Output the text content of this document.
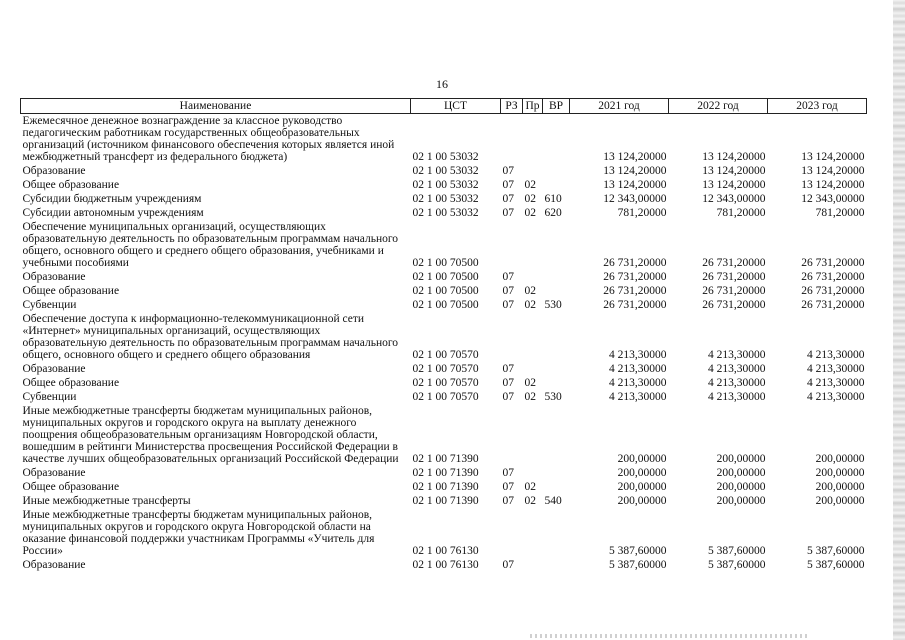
16
Наименование	ЦСТ	РЗ	Пр	ВР	2021 год	2022 год	2023 год
Ежемесячное денежное вознаграждение за классное руководство педагогическим работникам государственных общеобразовательных организаций (источником финансового обеспечения которых является иной межбюджетный трансферт из федерального бюджета)	02 1 00 53032				13 124,20000	13 124,20000	13 124,20000
Образование	02 1 00 53032	07			13 124,20000	13 124,20000	13 124,20000
Общее образование	02 1 00 53032	07	02		13 124,20000	13 124,20000	13 124,20000
Субсидии бюджетным учреждениям	02 1 00 53032	07	02	610	12 343,00000	12 343,00000	12 343,00000
Субсидии автономным учреждениям	02 1 00 53032	07	02	620	781,20000	781,20000	781,20000
Обеспечение муниципальных организаций, осуществляющих образовательную деятельность по образовательным программам начального общего, основного общего и среднего общего образования, учебниками и учебными пособиями	02 1 00 70500				26 731,20000	26 731,20000	26 731,20000
Образование	02 1 00 70500	07			26 731,20000	26 731,20000	26 731,20000
Общее образование	02 1 00 70500	07	02		26 731,20000	26 731,20000	26 731,20000
Субвенции	02 1 00 70500	07	02	530	26 731,20000	26 731,20000	26 731,20000
Обеспечение доступа к информационно-телекоммуникационной сети «Интернет» муниципальных организаций, осуществляющих образовательную деятельность по образовательным программам начального общего, основного общего и среднего общего образования	02 1 00 70570				4 213,30000	4 213,30000	4 213,30000
Образование	02 1 00 70570	07			4 213,30000	4 213,30000	4 213,30000
Общее образование	02 1 00 70570	07	02		4 213,30000	4 213,30000	4 213,30000
Субвенции	02 1 00 70570	07	02	530	4 213,30000	4 213,30000	4 213,30000
Иные межбюджетные трансферты бюджетам муниципальных районов, муниципальных округов и городского округа на выплату денежного поощрения общеобразовательным организациям Новгородской области, вошедшим в рейтинги Министерства просвещения Российской Федерации в качестве лучших общеобразовательных организаций Российской Федерации	02 1 00 71390				200,00000	200,00000	200,00000
Образование	02 1 00 71390	07			200,00000	200,00000	200,00000
Общее образование	02 1 00 71390	07	02		200,00000	200,00000	200,00000
Иные межбюджетные трансферты	02 1 00 71390	07	02	540	200,00000	200,00000	200,00000
Иные межбюджетные трансферты бюджетам муниципальных районов, муниципальных округов и городского округа Новгородской области на оказание финансовой поддержки участникам Программы «Учитель для России»	02 1 00 76130				5 387,60000	5 387,60000	5 387,60000
Образование	02 1 00 76130	07			5 387,60000	5 387,60000	5 387,60000
